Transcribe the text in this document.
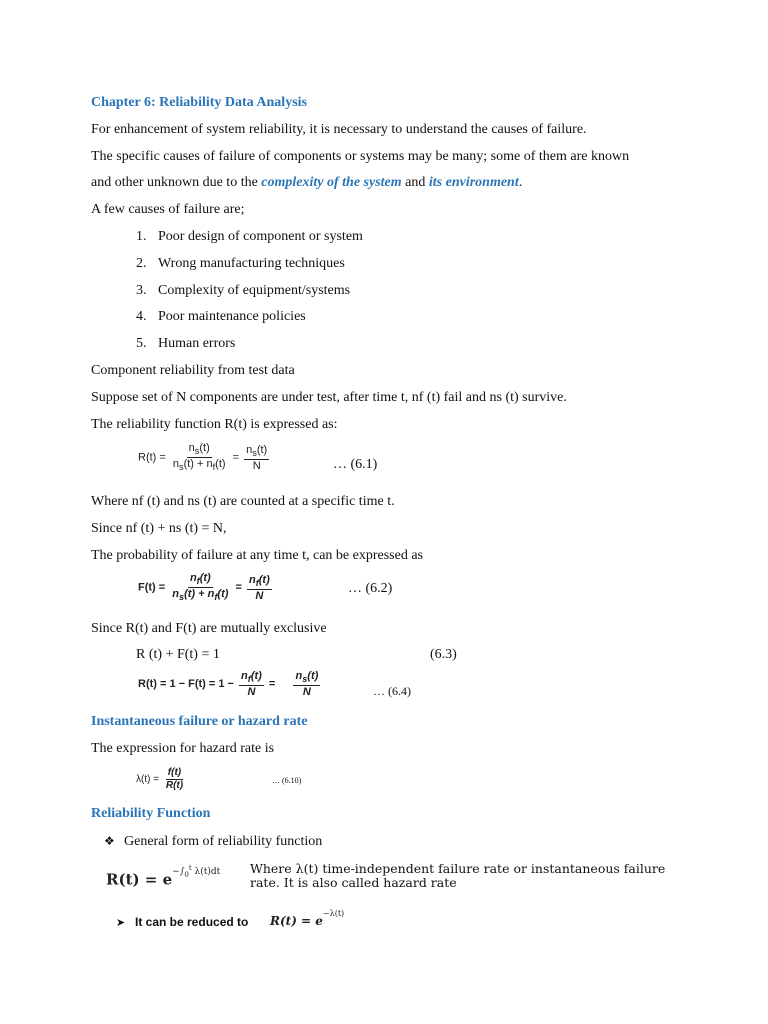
Chapter 6: Reliability Data Analysis
For enhancement of system reliability, it is necessary to understand the causes of failure.
The specific causes of failure of components or systems may be many; some of them are known
and other unknown due to the complexity of the system and its environment.
A few causes of failure are;
1. Poor design of component or system
2. Wrong manufacturing techniques
3. Complexity of equipment/systems
4. Poor maintenance policies
5. Human errors
Component reliability from test data
Suppose set of N components are under test, after time t, nf (t) fail and ns (t) survive.
The reliability function R(t) is expressed as:
$R(t) = \frac{n_s(t)}{n_s(t) + n_f(t)} = \frac{n_s(t)}{N}$	… (6.1)
Where nf (t) and ns (t) are counted at a specific time t.
Since nf (t) + ns (t) = N,
The probability of failure at any time t, can be expressed as
$F(t) = \frac{n_f(t)}{n_s(t) + n_f(t)} = \frac{n_f(t)}{N}$	… (6.2)
Since R(t) and F(t) are mutually exclusive
R (t) + F(t) = 1	(6.3)
$R(t) = 1 - F(t) = 1 - \frac{n_f(t)}{N} = \frac{n_s(t)}{N}$	… (6.4)
Instantaneous failure or hazard rate
The expression for hazard rate is
$\lambda(t) = \frac{f(t)}{R(t)}$	… (6.10)
Reliability Function
❖ General form of reliability function
$R(t) = e^{-\int_0^t \lambda(t)dt}$ Where λ(t) time-independent failure rate or instantaneous failure
rate. It is also called hazard rate
➤ It can be reduced to $R(t) = e^{-\lambda(t)}$
